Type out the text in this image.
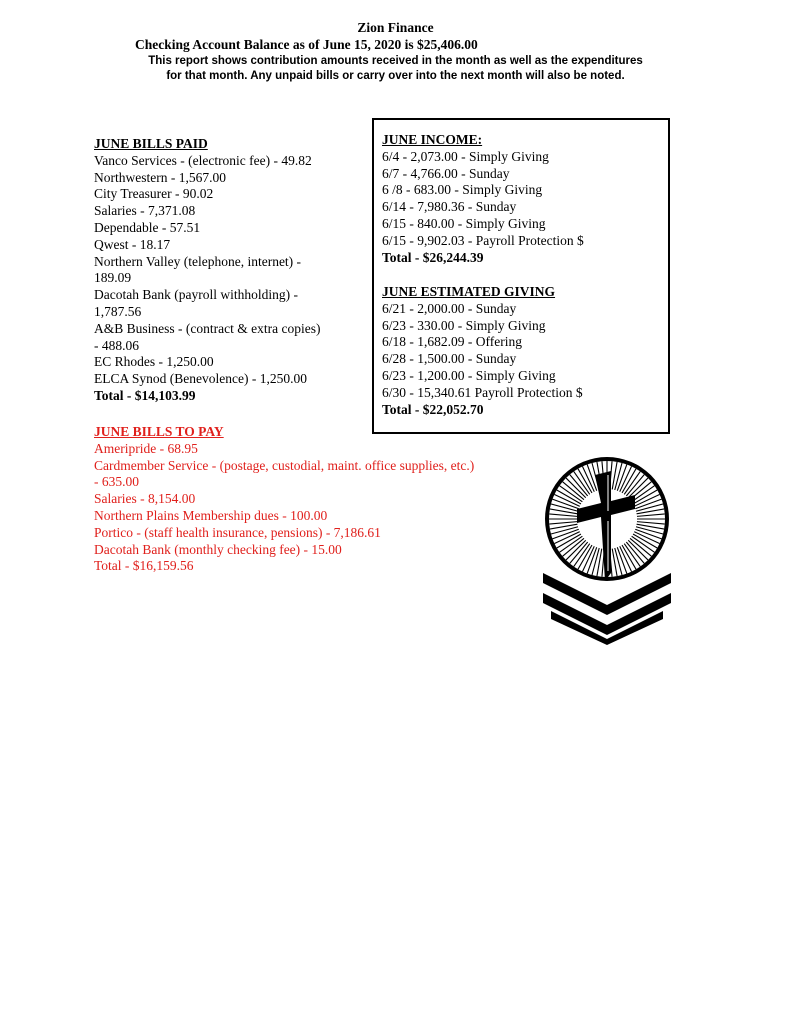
Zion Finance
Checking Account Balance as of June 15, 2020 is $25,406.00
This report shows contribution amounts received in the month as well as the expenditures
for that month. Any unpaid bills or carry over into the next month will also be noted.
JUNE BILLS PAID
Vanco Services - (electronic fee) - 49.82
Northwestern - 1,567.00
City Treasurer - 90.02
Salaries - 7,371.08
Dependable - 57.51
Qwest - 18.17
Northern Valley (telephone, internet) -
189.09
Dacotah Bank (payroll withholding) -
1,787.56
A&B Business - (contract & extra copies)
- 488.06
EC Rhodes - 1,250.00
ELCA Synod (Benevolence) - 1,250.00
Total - $14,103.99
JUNE BILLS TO PAY
Ameripride - 68.95
Cardmember Service - (postage, custodial, maint. office supplies, etc.)
- 635.00
Salaries - 8,154.00
Northern Plains Membership dues - 100.00
Portico - (staff health insurance, pensions) - 7,186.61
Dacotah Bank (monthly checking fee) - 15.00
Total - $16,159.56
JUNE INCOME:
6/4 - 2,073.00 - Simply Giving
6/7 - 4,766.00 - Sunday
6 /8 - 683.00 - Simply Giving
6/14 - 7,980.36 - Sunday
6/15 - 840.00 - Simply Giving
6/15 - 9,902.03 - Payroll Protection $
Total - $26,244.39
JUNE ESTIMATED GIVING
6/21 - 2,000.00 - Sunday
6/23 - 330.00 - Simply Giving
6/18 - 1,682.09 - Offering
6/28 - 1,500.00 - Sunday
6/23 - 1,200.00 - Simply Giving
6/30 - 15,340.61 Payroll Protection $
Total - $22,052.70
